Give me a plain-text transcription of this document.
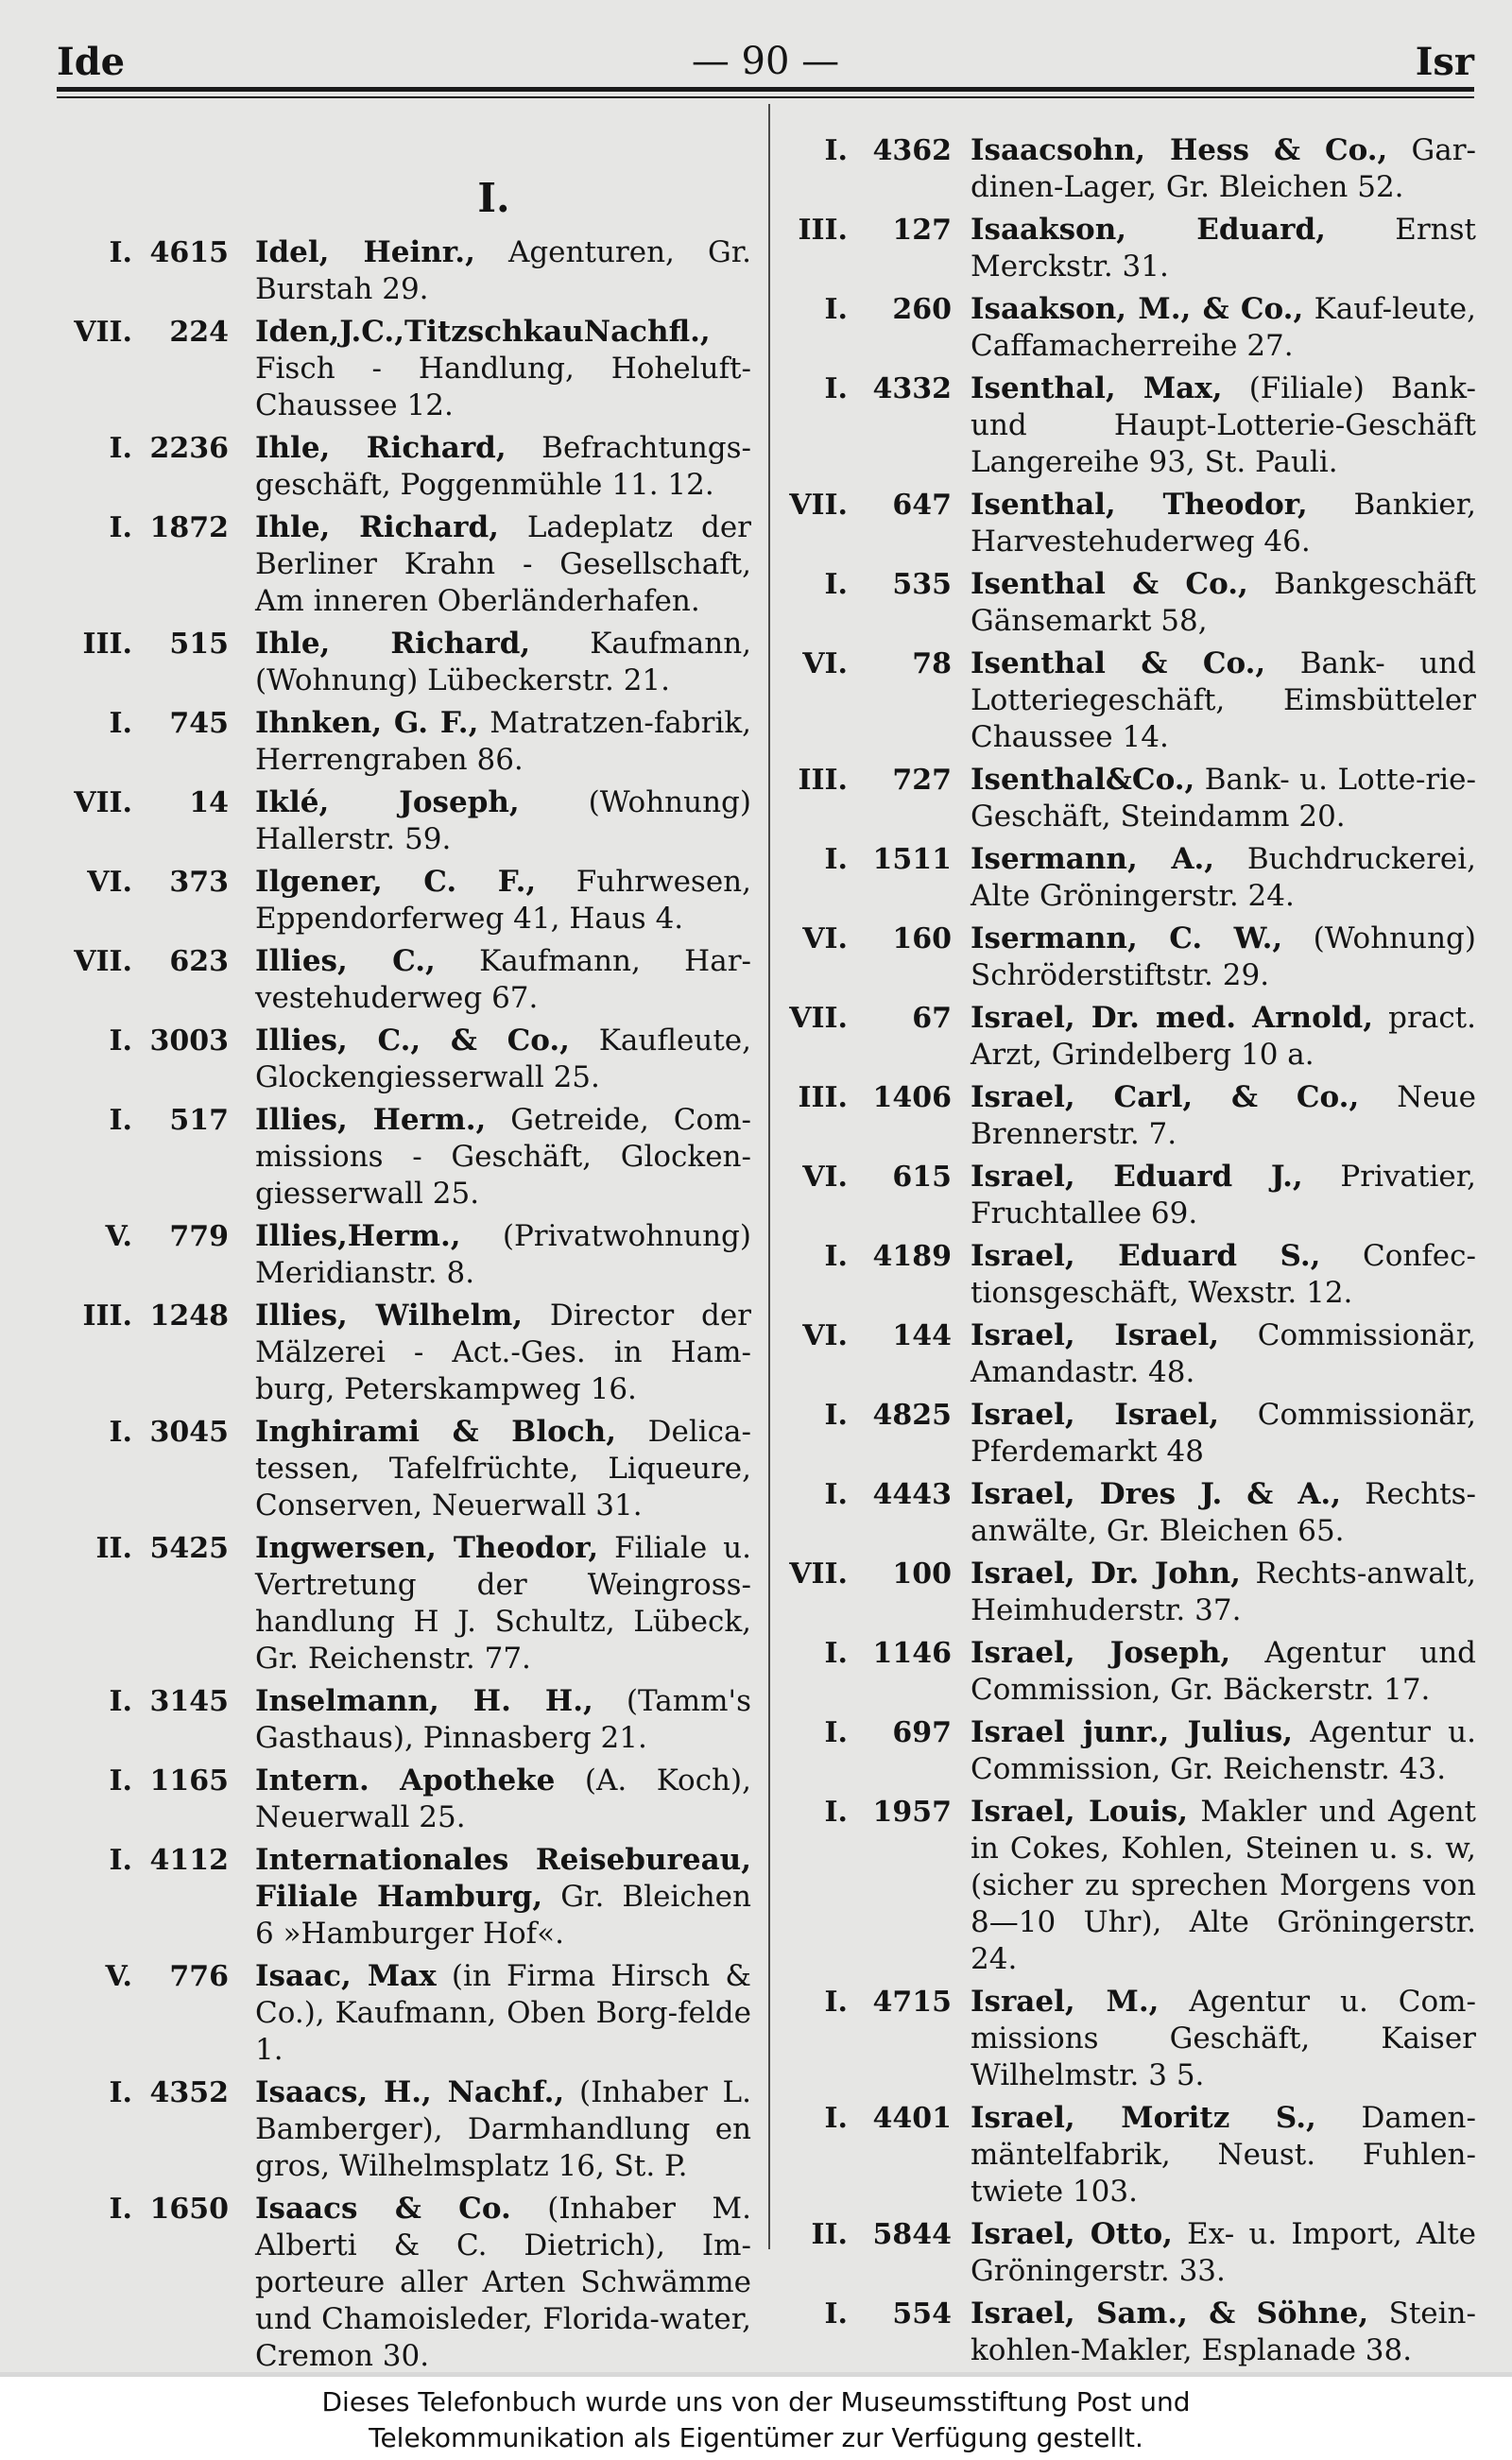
Ide	— 90 —	Isr
I.
I. 4615 Idel, Heinr., Agenturen, Gr. Burstah 29.
VII. 224 Iden,J.C.,TitzschkauNachfl., Fisch - Handlung, Hoheluft-Chaussee 12.
I. 2236 Ihle, Richard, Befrachtungs-geschäft, Poggenmühle 11. 12.
I. 1872 Ihle, Richard, Ladeplatz der Berliner Krahn - Gesellschaft, Am inneren Oberländerhafen.
III. 515 Ihle, Richard, Kaufmann, (Wohnung) Lübeckerstr. 21.
I. 745 Ihnken, G. F., Matratzen-fabrik, Herrengraben 86.
VII. 14 Iklé, Joseph, (Wohnung) Hallerstr. 59.
VI. 373 Ilgener, C. F., Fuhrwesen, Eppendorferweg 41, Haus 4.
VII. 623 Illies, C., Kaufmann, Har-vestehuderweg 67.
I. 3003 Illies, C., & Co., Kaufleute, Glockengiesserwall 25.
I. 517 Illies, Herm., Getreide, Com-missions - Geschäft, Glocken-giesserwall 25.
V. 779 Illies,Herm., (Privatwohnung) Meridianstr. 8.
III. 1248 Illies, Wilhelm, Director der Mälzerei - Act.-Ges. in Ham-burg, Peterskampweg 16.
I. 3045 Inghirami & Bloch, Delica-tessen, Tafelfrüchte, Liqueure, Conserven, Neuerwall 31.
II. 5425 Ingwersen, Theodor, Filiale u. Vertretung der Weingross-handlung H J. Schultz, Lübeck, Gr. Reichenstr. 77.
I. 3145 Inselmann, H. H., (Tamm's Gasthaus), Pinnasberg 21.
I. 1165 Intern. Apotheke (A. Koch), Neuerwall 25.
I. 4112 Internationales Reisebureau, Filiale Hamburg, Gr. Bleichen 6 »Hamburger Hof«.
V. 776 Isaac, Max (in Firma Hirsch & Co.), Kaufmann, Oben Borg-felde 1.
I. 4352 Isaacs, H., Nachf., (Inhaber L. Bamberger), Darmhandlung en gros, Wilhelmsplatz 16, St. P.
I. 1650 Isaacs & Co. (Inhaber M. Alberti & C. Dietrich), Im-porteure aller Arten Schwämme und Chamoisleder, Florida-water, Cremon 30.
I. 4362 Isaacsohn, Hess & Co., Gar-dinen-Lager, Gr. Bleichen 52.
III. 127 Isaakson, Eduard, Ernst Merckstr. 31.
I. 260 Isaakson, M., & Co., Kauf-leute, Caffamacherreihe 27.
I. 4332 Isenthal, Max, (Filiale) Bank- und Haupt-Lotterie-Geschäft Langereihe 93, St. Pauli.
VII. 647 Isenthal, Theodor, Bankier, Harvestehuderweg 46.
I. 535 Isenthal & Co., Bankgeschäft Gänsemarkt 58,
VI. 78 Isenthal & Co., Bank- und Lotteriegeschäft, Eimsbütteler Chaussee 14.
III. 727 Isenthal&Co., Bank- u. Lotte-rie-Geschäft, Steindamm 20.
I. 1511 Isermann, A., Buchdruckerei, Alte Gröningerstr. 24.
VI. 160 Isermann, C. W., (Wohnung) Schröderstiftstr. 29.
VII. 67 Israel, Dr. med. Arnold, pract. Arzt, Grindelberg 10 a.
III. 1406 Israel, Carl, & Co., Neue Brennerstr. 7.
VI. 615 Israel, Eduard J., Privatier, Fruchtallee 69.
I. 4189 Israel, Eduard S., Confec-tionsgeschäft, Wexstr. 12.
VI. 144 Israel, Israel, Commissionär, Amandastr. 48.
I. 4825 Israel, Israel, Commissionär, Pferdemarkt 48
I. 4443 Israel, Dres J. & A., Rechts-anwälte, Gr. Bleichen 65.
VII. 100 Israel, Dr. John, Rechts-anwalt, Heimhuderstr. 37.
I. 1146 Israel, Joseph, Agentur und Commission, Gr. Bäckerstr. 17.
I. 697 Israel junr., Julius, Agentur u. Commission, Gr. Reichenstr. 43.
I. 1957 Israel, Louis, Makler und Agent in Cokes, Kohlen, Steinen u. s. w, (sicher zu sprechen Morgens von 8—10 Uhr), Alte Gröningerstr. 24.
I. 4715 Israel, M., Agentur u. Com-missions Geschäft, Kaiser Wilhelmstr. 3 5.
I. 4401 Israel, Moritz S., Damen-mäntelfabrik, Neust. Fuhlen-twiete 103.
II. 5844 Israel, Otto, Ex- u. Import, Alte Gröningerstr. 33.
I. 554 Israel, Sam., & Söhne, Stein-kohlen-Makler, Esplanade 38.
Dieses Telefonbuch wurde uns von der Museumsstiftung Post und
Telekommunikation als Eigentümer zur Verfügung gestellt.
